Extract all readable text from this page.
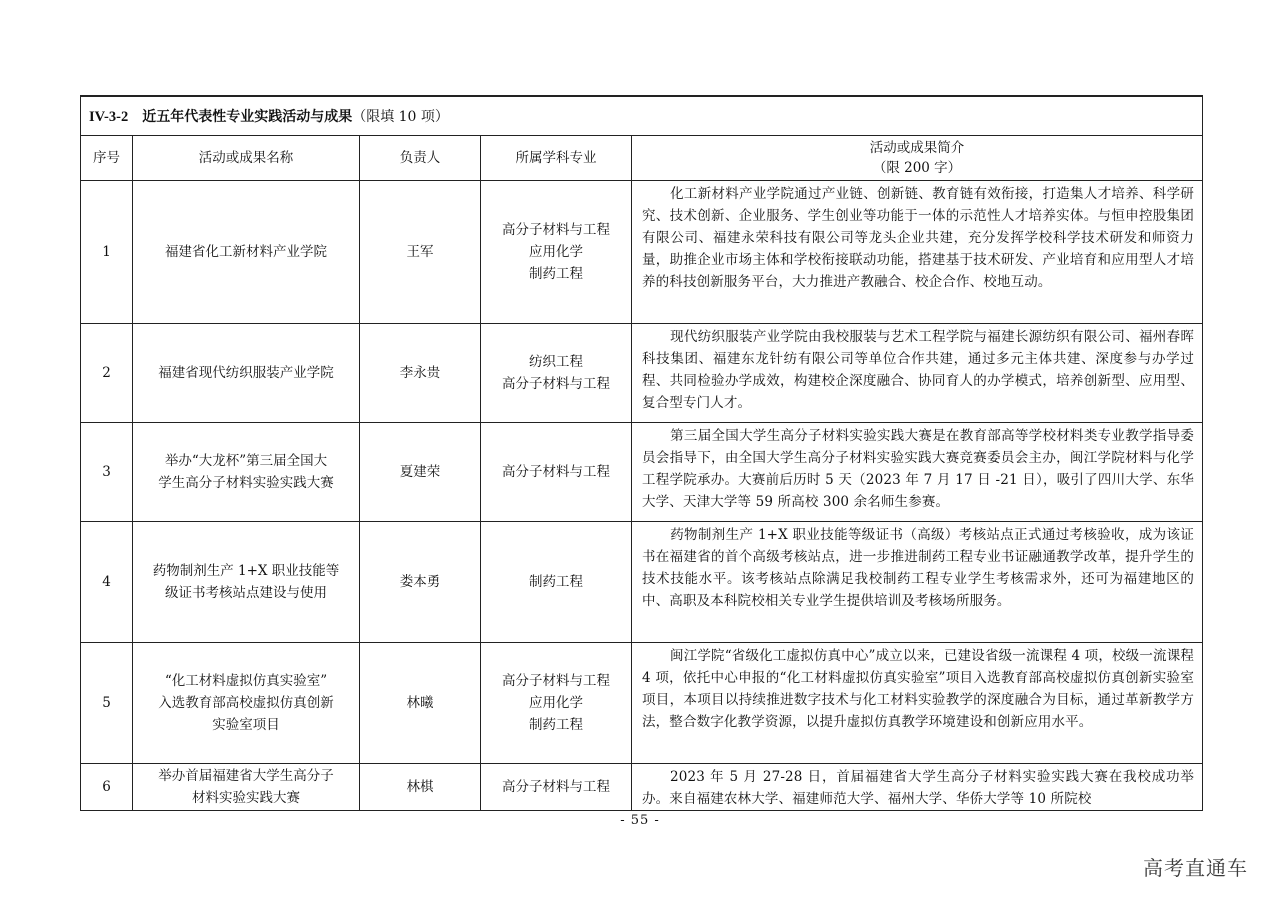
IV-3-2 近五年代表性专业实践活动与成果（限填 10 项）				
序号	活动或成果名称	负责人	所属学科专业	活动或成果简介
（限 200 字）

1	福建省化工新材料产业学院	王军	高分子材料与工程
应用化学
制药工程	化工新材料产业学院通过产业链、创新链、教育链有效衔接，打造集人才培养、科学研究、技术创新、企业服务、学生创业等功能于一体的示范性人才培养实体。与恒申控股集团有限公司、福建永荣科技有限公司等龙头企业共建，充分发挥学校科学技术研发和师资力量，助推企业市场主体和学校衔接联动功能，搭建基于技术研发、产业培育和应用型人才培养的科技创新服务平台，大力推进产教融合、校企合作、校地互动。
2	福建省现代纺织服装产业学院	李永贵	纺织工程
高分子材料与工程	现代纺织服装产业学院由我校服装与艺术工程学院与福建长源纺织有限公司、福州春晖科技集团、福建东龙针纺有限公司等单位合作共建，通过多元主体共建、深度参与办学过程、共同检验办学成效，构建校企深度融合、协同育人的办学模式，培养创新型、应用型、复合型专门人才。
3	举办“大龙杯”第三届全国大
学生高分子材料实验实践大赛	夏建荣	高分子材料与工程	第三届全国大学生高分子材料实验实践大赛是在教育部高等学校材料类专业教学指导委员会指导下，由全国大学生高分子材料实验实践大赛竞赛委员会主办，闽江学院材料与化学工程学院承办。大赛前后历时 5 天（2023 年 7 月 17 日 -21 日），吸引了四川大学、东华大学、天津大学等 59 所高校 300 余名师生参赛。
4	药物制剂生产 1+X 职业技能等
级证书考核站点建设与使用	娄本勇	制药工程	药物制剂生产 1+X 职业技能等级证书（高级）考核站点正式通过考核验收，成为该证书在福建省的首个高级考核站点，进一步推进制药工程专业书证融通教学改革，提升学生的技术技能水平。该考核站点除满足我校制药工程专业学生考核需求外，还可为福建地区的中、高职及本科院校相关专业学生提供培训及考核场所服务。
5	“化工材料虚拟仿真实验室”
入选教育部高校虚拟仿真创新
实验室项目	林曦	高分子材料与工程
应用化学
制药工程	闽江学院“省级化工虚拟仿真中心”成立以来，已建设省级一流课程 4 项，校级一流课程 4 项，依托中心申报的“化工材料虚拟仿真实验室”项目入选教育部高校虚拟仿真创新实验室项目，本项目以持续推进数字技术与化工材料实验教学的深度融合为目标，通过革新教学方法，整合数字化教学资源，以提升虚拟仿真教学环境建设和创新应用水平。
6	举办首届福建省大学生高分子
材料实验实践大赛	林棋	高分子材料与工程	2023 年 5 月 27-28 日，首届福建省大学生高分子材料实验实践大赛在我校成功举办。来自福建农林大学、福建师范大学、福州大学、华侨大学等 10 所院校
- 55 -
高考直通车
